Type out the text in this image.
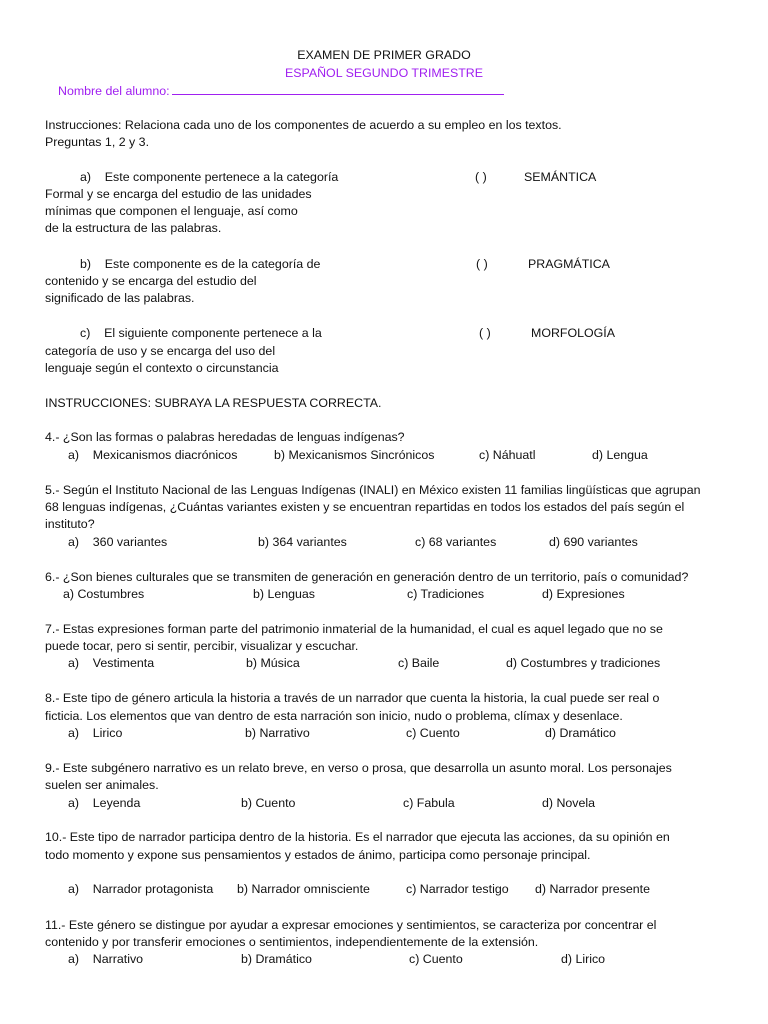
EXAMEN DE PRIMER GRADO
ESPAÑOL SEGUNDO TRIMESTRE
Nombre del alumno:
Instrucciones: Relaciona cada uno de los componentes de acuerdo a su empleo en los textos.
Preguntas 1, 2 y 3.
a)    Este componente pertenece a la categoría
Formal y se encarga del estudio de las unidades
mínimas que componen el lenguaje, así como
de la estructura de las palabras.
( )	SEMÁNTICA
b)    Este componente es de la categoría de
contenido y se encarga del estudio del
significado de las palabras.
( )	PRAGMÁTICA
c)    El siguiente componente pertenece a la
categoría de uso y se encarga del uso del
lenguaje según el contexto o circunstancia
( )	MORFOLOGÍA
INSTRUCCIONES: SUBRAYA LA RESPUESTA CORRECTA.
4.- ¿Son las formas o palabras heredadas de lenguas indígenas?
a)    Mexicanismos diacrónicos	b) Mexicanismos Sincrónicos	c) Náhuatl	d) Lengua
5.- Según el Instituto Nacional de las Lenguas Indígenas (INALI) en México existen 11 familias lingüísticas que agrupan
68 lenguas indígenas, ¿Cuántas variantes existen y se encuentran repartidas en todos los estados del país según el
instituto?
a)    360 variantes	b) 364 variantes	c) 68 variantes	d) 690 variantes
6.- ¿Son bienes culturales que se transmiten de generación en generación dentro de un territorio, país o comunidad?
a) Costumbres	b) Lenguas	c) Tradiciones	d) Expresiones
7.- Estas expresiones forman parte del patrimonio inmaterial de la humanidad, el cual es aquel legado que no se
puede tocar, pero si sentir, percibir, visualizar y escuchar.
a)    Vestimenta	b) Música	c) Baile	d) Costumbres y tradiciones
8.- Este tipo de género articula la historia a través de un narrador que cuenta la historia, la cual puede ser real o
ficticia. Los elementos que van dentro de esta narración son inicio, nudo o problema, clímax y desenlace.
a)    Lirico	b) Narrativo	c) Cuento	d) Dramático
9.- Este subgénero narrativo es un relato breve, en verso o prosa, que desarrolla un asunto moral. Los personajes
suelen ser animales.
a)    Leyenda	b) Cuento	c) Fabula	d) Novela
10.- Este tipo de narrador participa dentro de la historia. Es el narrador que ejecuta las acciones, da su opinión en
todo momento y expone sus pensamientos y estados de ánimo, participa como personaje principal.
a)    Narrador protagonista b) Narrador omnisciente	c) Narrador testigo d) Narrador presente
11.- Este género se distingue por ayudar a expresar emociones y sentimientos, se caracteriza por concentrar el
contenido y por transferir emociones o sentimientos, independientemente de la extensión.
a)    Narrativo	b) Dramático	c) Cuento	d) Lirico
